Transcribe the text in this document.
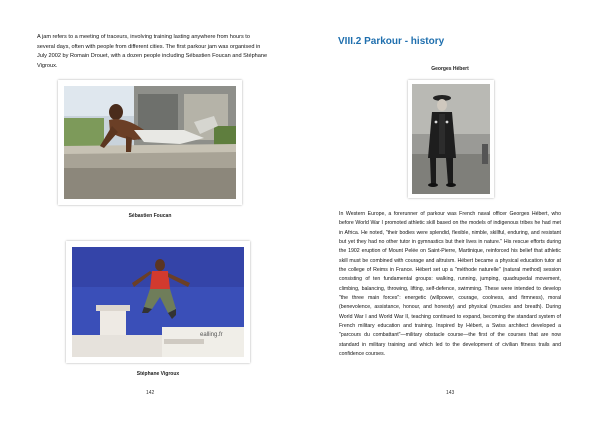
A jam refers to a meeting of traceurs, involving training lasting anywhere from hours to several days, often with people from different cities. The first parkour jam was organised in July 2002 by Romain Drouet, with a dozen people including Sébastien Foucan and Stéphane Vigroux.

Sébastien Foucan

ealling.fr

Stéphane Vigroux

142

VIII.2 Parkour - history

Georges Hébert

In Western Europe, a forerunner of parkour was French naval officer Georges Hébert, who before World War I promoted athletic skill based on the models of indigenous tribes he had met in Africa. He noted, "their bodies were splendid, flexible, nimble, skillful, enduring, and resistant but yet they had no other tutor in gymnastics but their lives in nature." His rescue efforts during the 1902 eruption of Mount Pelée on Saint-Pierre, Martinique, reinforced his belief that athletic skill must be combined with courage and altruism. Hébert became a physical education tutor at the college of Reims in France. Hébert set up a "méthode naturelle" (natural method) session consisting of ten fundamental groups: walking, running, jumping, quadrupedal movement, climbing, balancing, throwing, lifting, self-defence, swimming. These were intended to develop "the three main forces": energetic (willpower, courage, coolness, and firmness), moral (benevolence, assistance, honour, and honesty) and physical (muscles and breath). During World War I and World War II, teaching continued to expand, becoming the standard system of French military education and training. Inspired by Hébert, a Swiss architect developed a "parcours du combattant"—military obstacle course—the first of the courses that are now standard in military training and which led to the development of civilian fitness trails and confidence courses.

143
